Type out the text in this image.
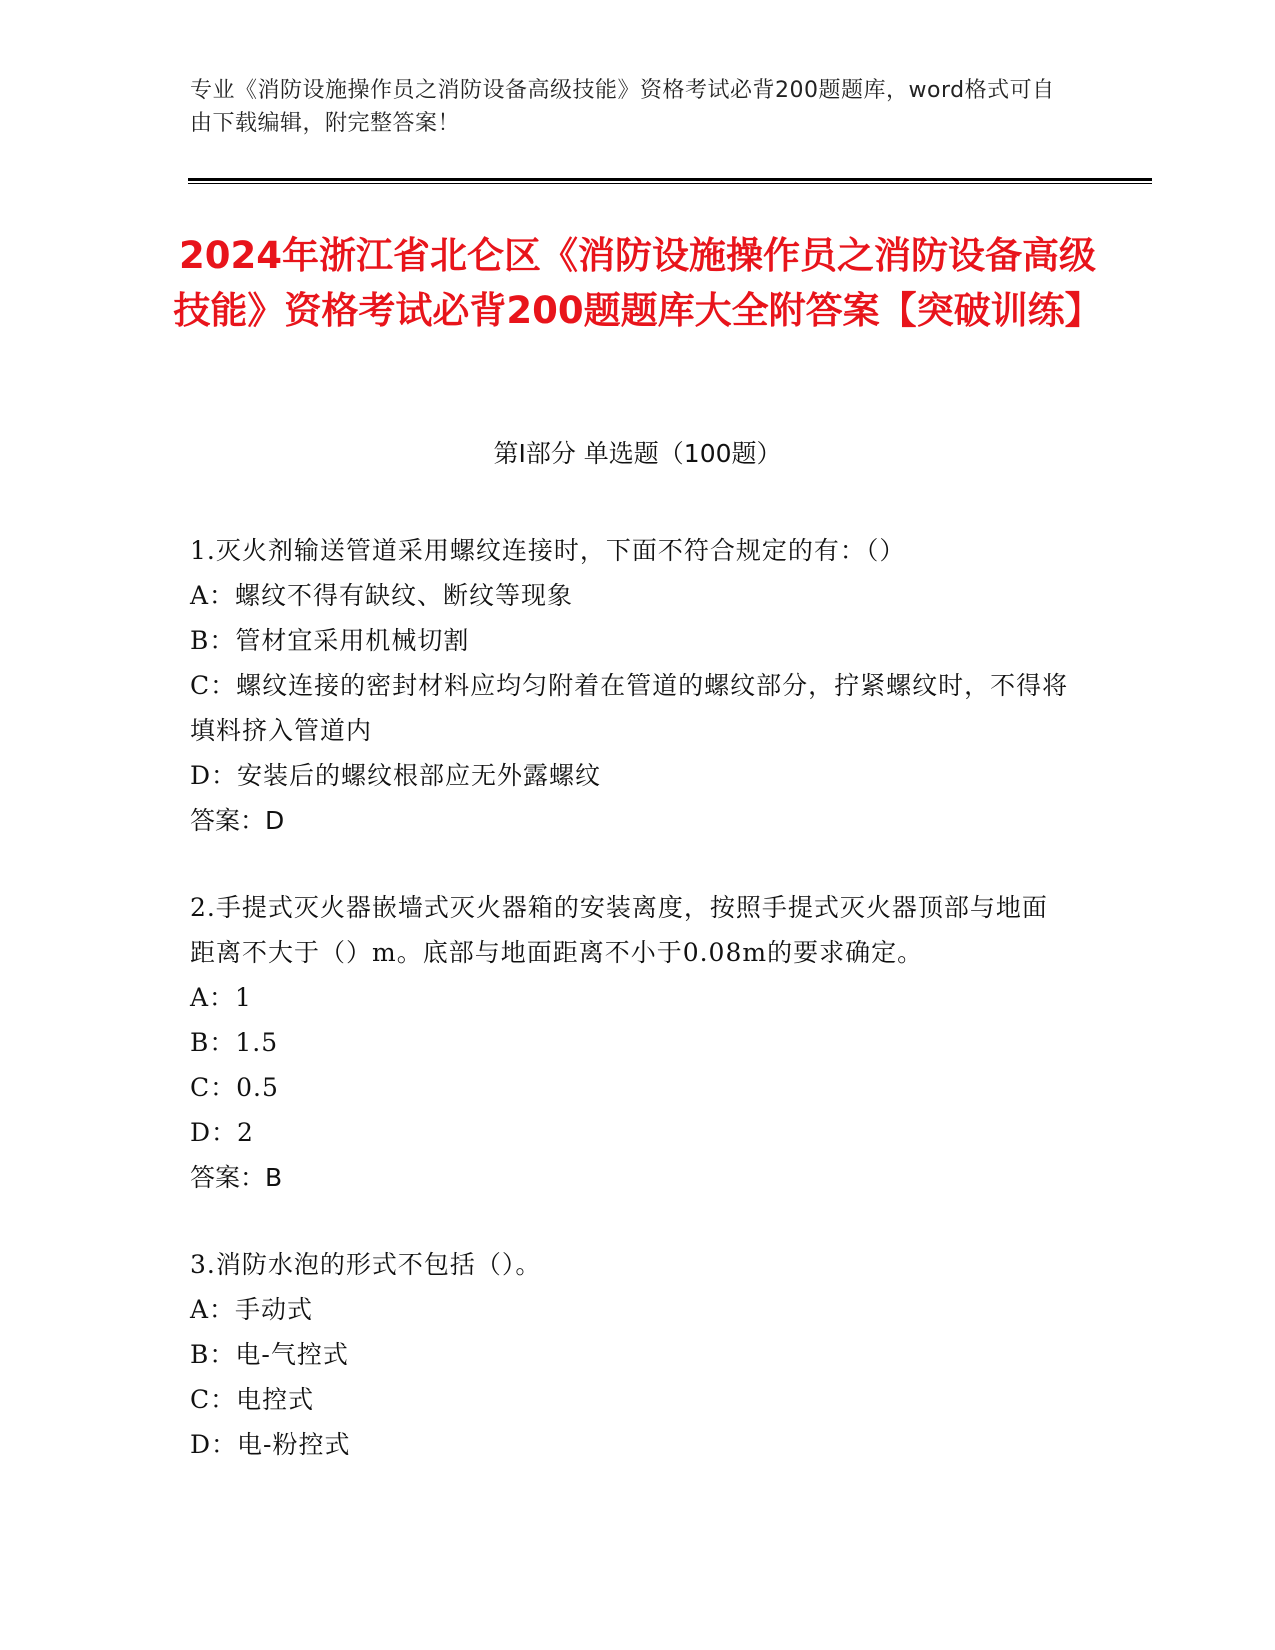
专业《消防设施操作员之消防设备高级技能》资格考试必背200题题库，word格式可自由下载编辑，附完整答案！
2024年浙江省北仑区《消防设施操作员之消防设备高级技能》资格考试必背200题题库大全附答案【突破训练】
第Ⅰ部分 单选题（100题）
1.灭火剂输送管道采用螺纹连接时，下面不符合规定的有：（）
A：螺纹不得有缺纹、断纹等现象
B：管材宜采用机械切割
C：螺纹连接的密封材料应均匀附着在管道的螺纹部分，拧紧螺纹时，不得将填料挤入管道内
D：安装后的螺纹根部应无外露螺纹
答案：D
2.手提式灭火器嵌墙式灭火器箱的安装离度，按照手提式灭火器顶部与地面距离不大于（）m。底部与地面距离不小于0.08m的要求确定。
A：1
B：1.5
C：0.5
D：2
答案：B
3.消防水泡的形式不包括（）。
A：手动式
B：电-气控式
C：电控式
D：电-粉控式
